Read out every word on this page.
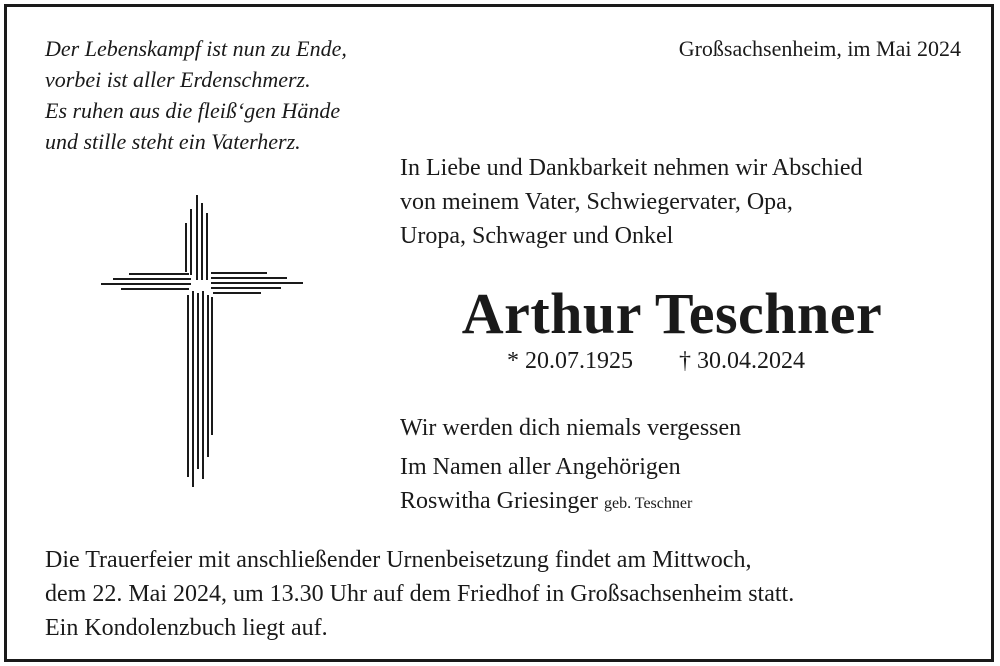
Der Lebenskampf ist nun zu Ende,
vorbei ist aller Erdenschmerz.
Es ruhen aus die fleiß‘gen Hände
und stille steht ein Vaterherz.
Großsachsenheim, im Mai 2024
In Liebe und Dankbarkeit nehmen wir Abschied
von meinem Vater, Schwiegervater, Opa,
Uropa, Schwager und Onkel
Arthur Teschner
* 20.07.1925 † 30.04.2024
Wir werden dich niemals vergessen
Im Namen aller Angehörigen
Roswitha Griesinger geb. Teschner
Die Trauerfeier mit anschließender Urnenbeisetzung findet am Mittwoch,
dem 22. Mai 2024, um 13.30 Uhr auf dem Friedhof in Großsachsenheim statt.
Ein Kondolenzbuch liegt auf.
